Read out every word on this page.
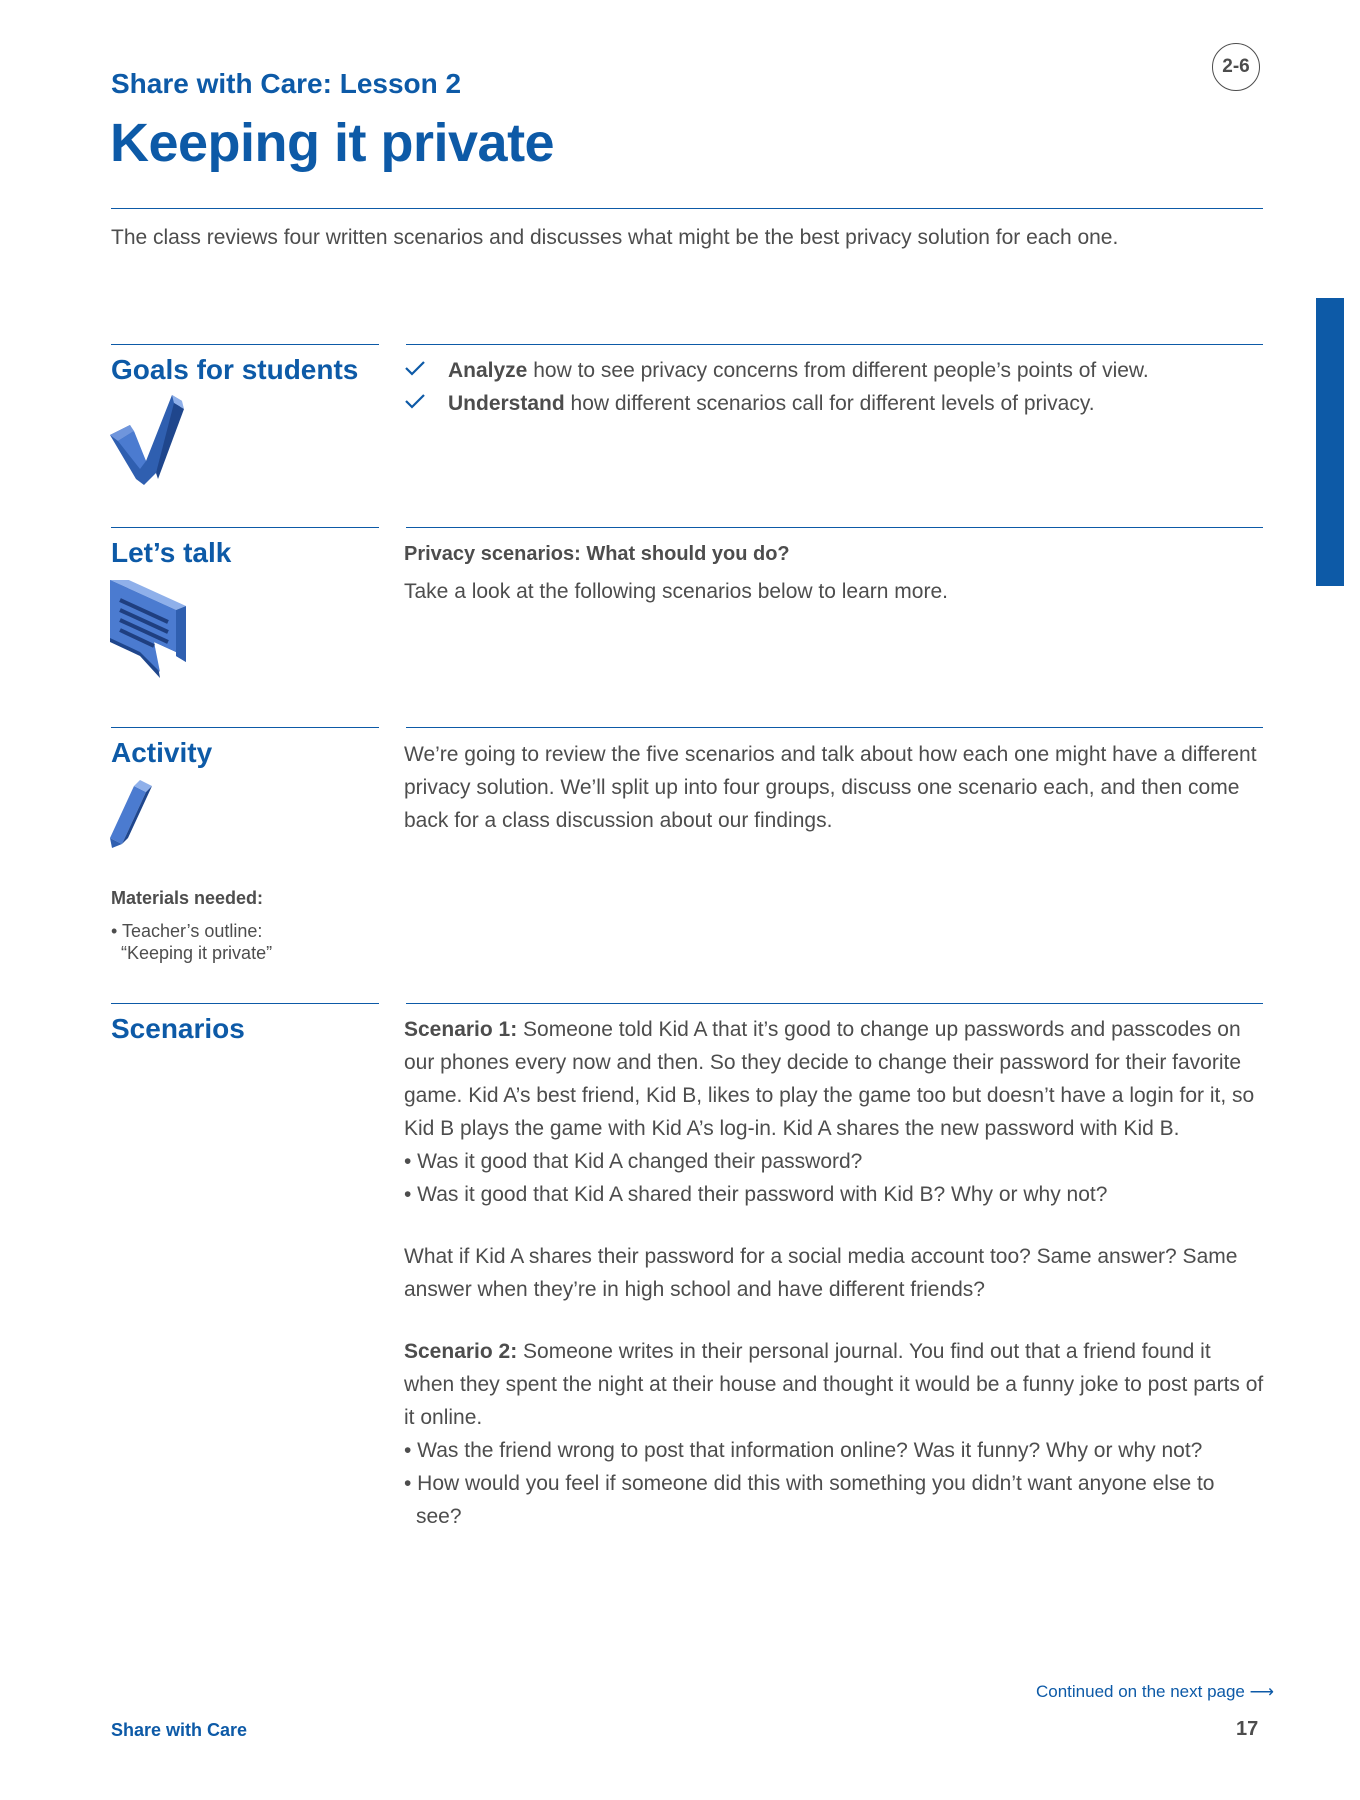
Share with Care: Lesson 2
Keeping it private
2-6
The class reviews four written scenarios and discusses what might be the best privacy solution for each one.
Goals for students	Analyze how to see privacy concerns from different people’s points of view.
Understand how different scenarios call for different levels of privacy.
Let’s talk	Privacy scenarios: What should you do?
Take a look at the following scenarios below to learn more.
Activity	We’re going to review the five scenarios and talk about how each one might have a different privacy solution. We’ll split up into four groups, discuss one scenario each, and then come back for a class discussion about our findings.
Materials needed:
• Teacher’s outline:
“Keeping it private”
Scenarios	Scenario 1: Someone told Kid A that it’s good to change up passwords and passcodes on our phones every now and then. So they decide to change their password for their favorite game. Kid A’s best friend, Kid B, likes to play the game too but doesn’t have a login for it, so Kid B plays the game with Kid A’s log-in. Kid A shares the new password with Kid B.

• Was it good that Kid A changed their password?

• Was it good that Kid A shared their password with Kid B? Why or why not?

What if Kid A shares their password for a social media account too? Same answer? Same answer when they’re in high school and have different friends?

Scenario 2: Someone writes in their personal journal. You find out that a friend found it when they spent the night at their house and thought it would be a funny joke to post parts of it online.

• Was the friend wrong to post that information online? Was it funny? Why or why not?

• How would you feel if someone did this with something you didn’t want anyone else to see?

Continued on the next page ⟶
Share with Care	17
